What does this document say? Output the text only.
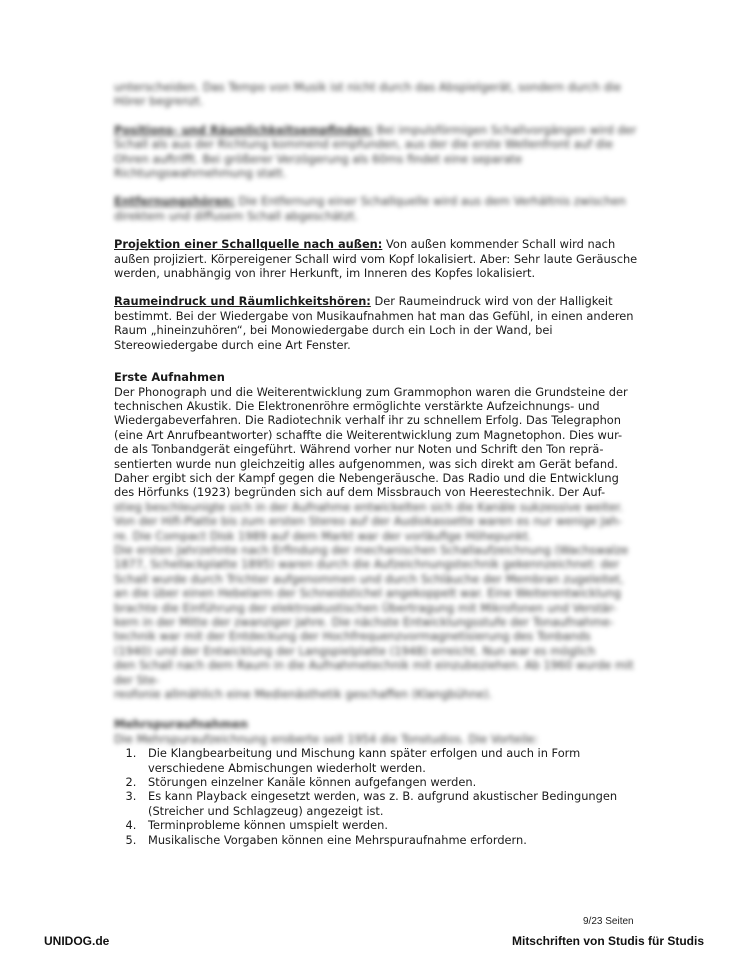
unterscheiden. Das Tempo von Musik ist nicht durch das Abspielgerät, sondern durch die Hörer begrenzt.

Positions- und Räumlichkeitsempfinden: Bei impulsförmigen Schallvorgängen wird der Schall als aus der Richtung kommend empfunden, aus der die erste Wellenfront auf die Ohren auftrifft. Bei größerer Verzögerung als 60ms findet eine separate Richtungswahrnehmung statt.

Entfernungshören: Die Entfernung einer Schallquelle wird aus dem Verhältnis zwischen direktem und diffusem Schall abgeschätzt.

Projektion einer Schallquelle nach außen: Von außen kommender Schall wird nach außen projiziert. Körpereigener Schall wird vom Kopf lokalisiert. Aber: Sehr laute Geräusche werden, unabhängig von ihrer Herkunft, im Inneren des Kopfes lokalisiert.

Raumeindruck und Räumlichkeitshören: Der Raumeindruck wird von der Halligkeit bestimmt. Bei der Wiedergabe von Musikaufnahmen hat man das Gefühl, in einen anderen Raum „hineinzuhören“, bei Monowiedergabe durch ein Loch in der Wand, bei Stereowiedergabe durch eine Art Fenster.

Erste Aufnahmen

Der Phonograph und die Weiterentwicklung zum Grammophon waren die Grundsteine der
technischen Akustik. Die Elektronenröhre ermöglichte verstärkte Aufzeichnungs- und
Wiedergabeverfahren. Die Radiotechnik verhalf ihr zu schnellem Erfolg. Das Telegraphon
(eine Art Anrufbeantworter) schaffte die Weiterentwicklung zum Magnetophon. Dies wur-
de als Tonbandgerät eingeführt. Während vorher nur Noten und Schrift den Ton reprä-
sentierten wurde nun gleichzeitig alles aufgenommen, was sich direkt am Gerät befand.
Daher ergibt sich der Kampf gegen die Nebengeräusche. Das Radio und die Entwicklung
des Hörfunks (1923) begründen sich auf dem Missbrauch von Heerestechnik. Der Auf-
stieg beschleunigte sich in der Aufnahme entwickelten sich die Kanäle sukzessive weiter.
Von der Hifi-Platte bis zum ersten Stereo auf der Audiokassette waren es nur wenige Jah-
re. Die Compact Disk 1989 auf dem Markt war der vorläufige Höhepunkt.
Die ersten Jahrzehnte nach Erfindung der mechanischen Schallaufzeichnung (Wachswalze
1877, Schellackplatte 1895) waren durch die Aufzeichnungstechnik gekennzeichnet: der
Schall wurde durch Trichter aufgenommen und durch Schläuche der Membran zugeleitet,
an die über einen Hebelarm der Schneidstichel angekoppelt war. Eine Weiterentwicklung
brachte die Einführung der elektroakustischen Übertragung mit Mikrofonen und Verstär-
kern in der Mitte der zwanziger Jahre. Die nächste Entwicklungsstufe der Tonaufnahme-
technik war mit der Entdeckung der Hochfrequenzvormagnetisierung des Tonbands
(1940) und der Entwicklung der Langspielplatte (1948) erreicht. Nun war es möglich
den Schall nach dem Raum in die Aufnahmetechnik mit einzubeziehen. Ab 1960 wurde mit der Ste-
reofonie allmählich eine Medienästhetik geschaffen (Klangbühne).

Mehrspuraufnahmen

Die Mehrspuraufzeichnung eroberte seit 1954 die Tonstudios. Die Vorteile:

1. Die Klangbearbeitung und Mischung kann später erfolgen und auch in Form verschiedene Abmischungen wiederholt werden.
2. Störungen einzelner Kanäle können aufgefangen werden.
3. Es kann Playback eingesetzt werden, was z. B. aufgrund akustischer Bedingungen (Streicher und Schlagzeug) angezeigt ist.
4. Terminprobleme können umspielt werden.
5. Musikalische Vorgaben können eine Mehrspuraufnahme erfordern.
9/23 Seiten
UNIDOG.de	Mitschriften von Studis für Studis
